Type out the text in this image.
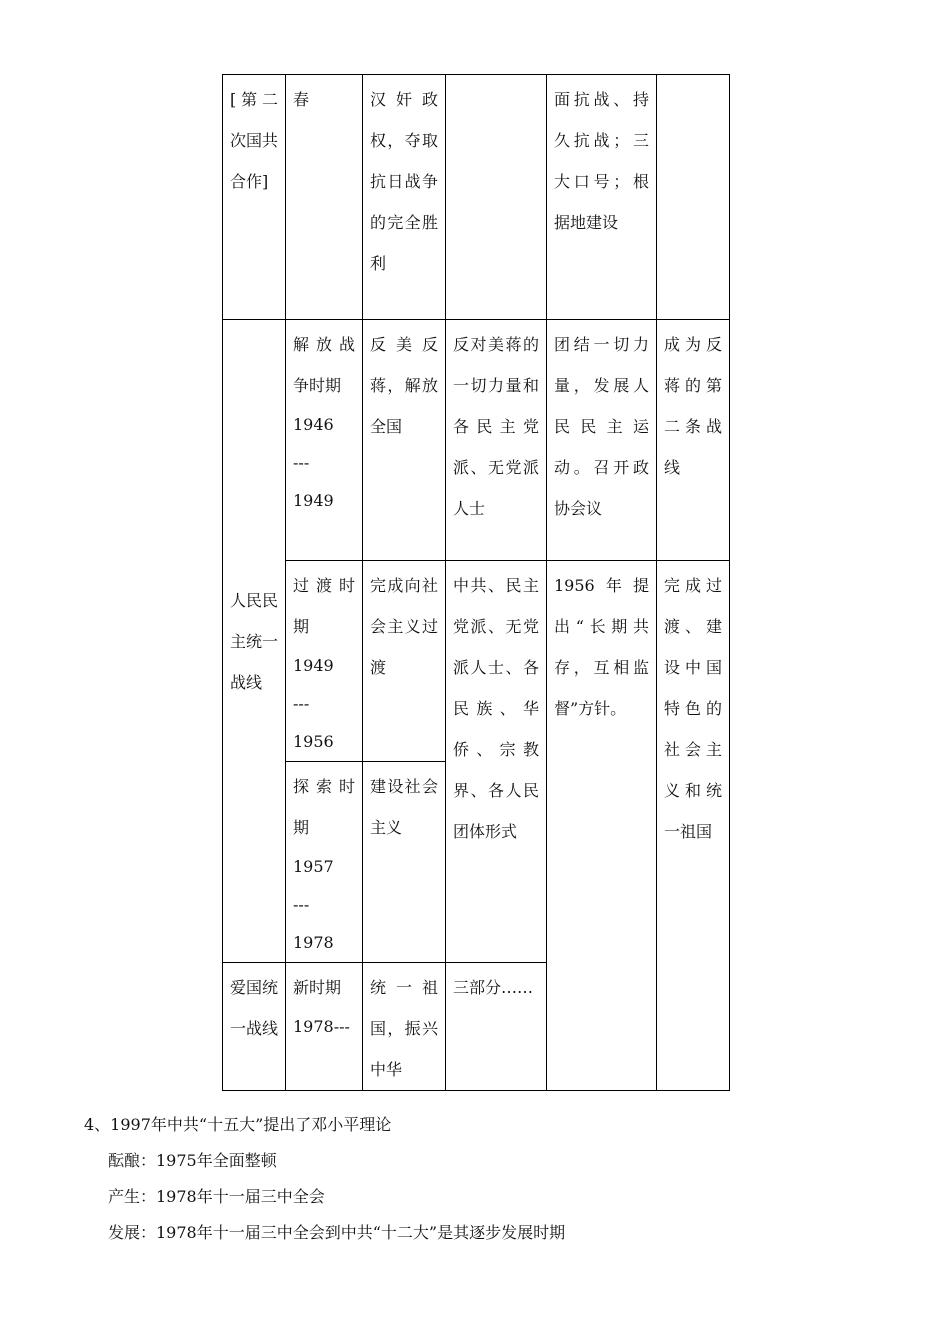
[第二次国共合作]	春	汉奸政权，夺取抗日战争的完全胜利		面抗战、持久抗战；三大口号；根据地建设	
人民民主统一战线	解放战争时期
1946
---
1949	反美反蒋，解放全国	反对美蒋的一切力量和各民主党派、无党派人士	团结一切力量，发展人民民主运动。召开政协会议	成为反蒋的第二条战线

	过渡时期
1949
---
1956	完成向社会主义过渡	中共、民主党派、无党派人士、各民族、华侨、宗教界、各人民团体形式	1956年提出“长期共存，互相监督”方针。	完成过渡、建设中国特色的社会主义和统一祖国

	探索时期
1957
---
1978	建设社会主义			
爱国统一战线	新时期
1978---	统一祖国，振兴中华	三部分……		
4、1997年中共“十五大”提出了邓小平理论
酝酿：1975年全面整顿
产生：1978年十一届三中全会
发展：1978年十一届三中全会到中共“十二大”是其逐步发展时期
